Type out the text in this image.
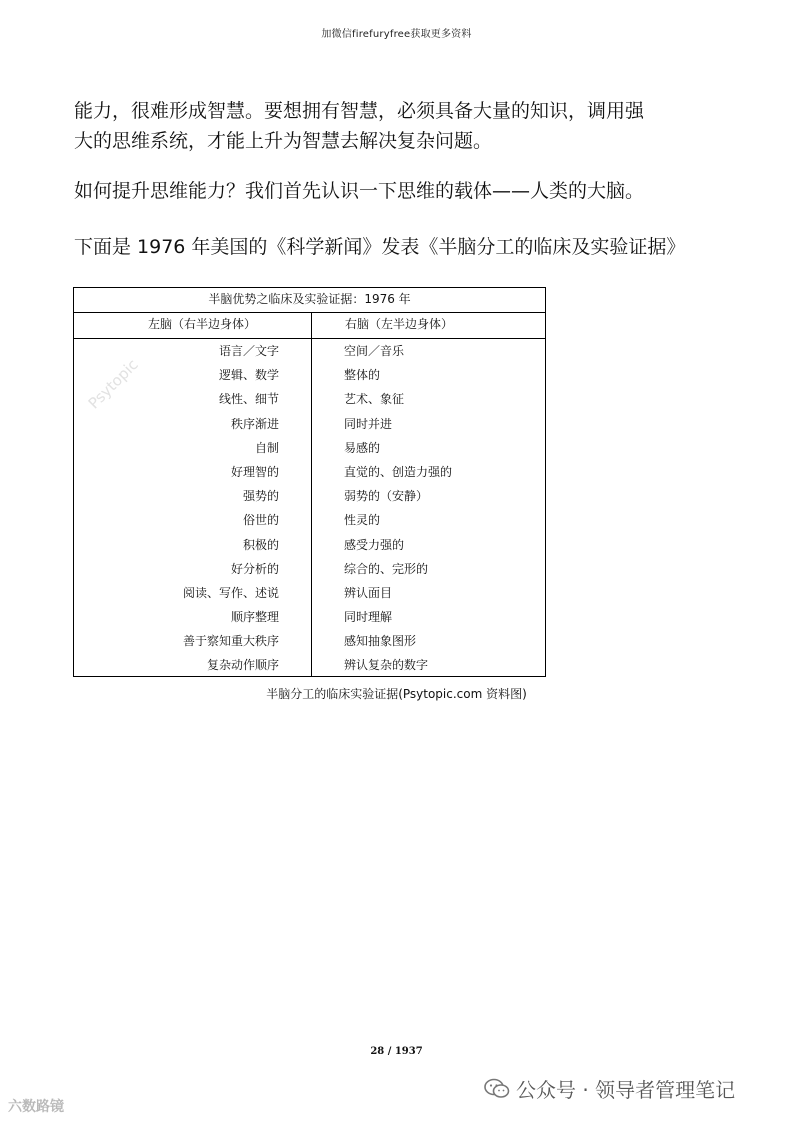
加微信firefuryfree获取更多资料
能力，很难形成智慧。要想拥有智慧，必须具备大量的知识，调用强
大的思维系统，才能上升为智慧去解决复杂问题。
如何提升思维能力？我们首先认识一下思维的载体——人类的大脑。
下面是 1976 年美国的《科学新闻》发表《半脑分工的临床及实验证据》
半脑优势之临床及实验证据：1976 年
左脑（右半边身体）	右脑（左半边身体）
语言／文字
逻辑、数学
线性、细节
秩序渐进
自制
好理智的
强势的
俗世的
积极的
好分析的
阅读、写作、述说
顺序整理
善于察知重大秩序
复杂动作顺序
空间／音乐
整体的
艺术、象征
同时并进
易感的
直觉的、创造力强的
弱势的（安静）
性灵的
感受力强的
综合的、完形的
辨认面目
同时理解
感知抽象图形
辨认复杂的数字
Psytopic
半脑分工的临床实验证据(Psytopic.com 资料图)
28 / 1937
公众号 · 领导者管理笔记
六数路镜
